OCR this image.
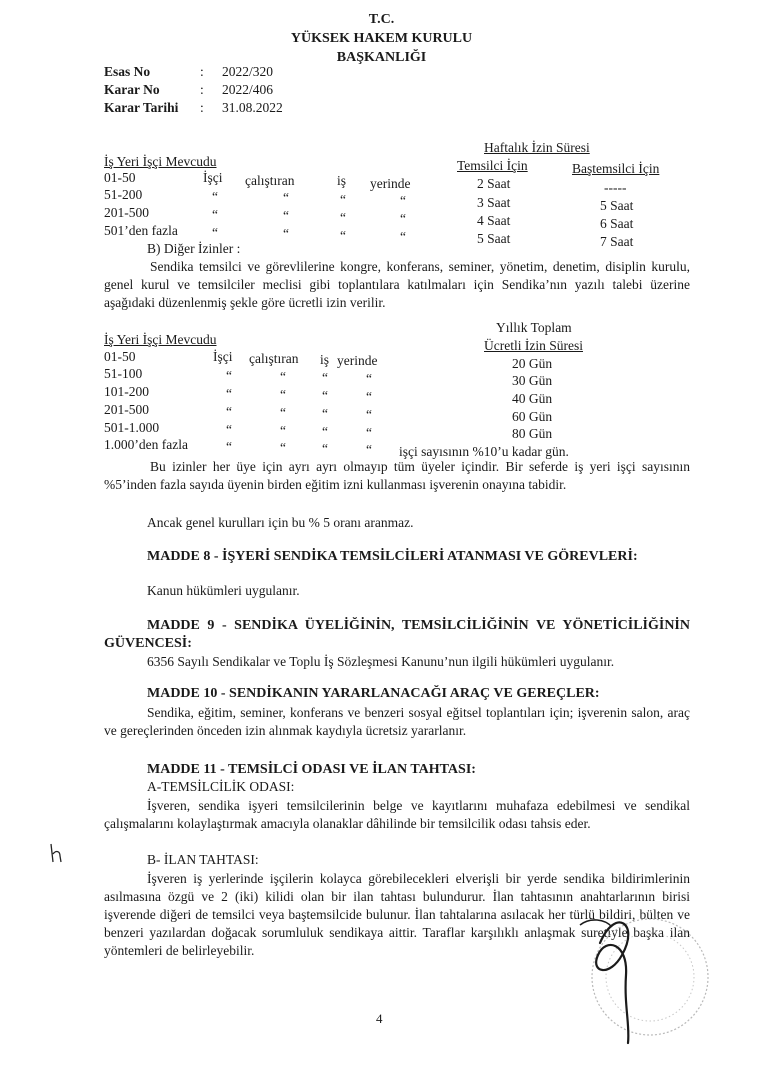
T.C.
YÜKSEK HAKEM KURULU
BAŞKANLIĞI
Esas No	: 2022/320
Karar No	: 2022/406
Karar Tarihi : 31.08.2022
İş Yeri İşçi Mevcudu
Haftalık İzin Süresi
Temsilci İçin	Baştemsilci İçin
01-50	İşçi çalıştıran	iş yerinde	2 Saat	-----
51-200	“	“	“	“	3 Saat	5 Saat
201-500	“	“	“	“	4 Saat	6 Saat
501’den fazla	“	“	“	“	5 Saat	7 Saat
B) Diğer İzinler :
Sendika temsilci ve görevlilerine kongre, konferans, seminer, yönetim, denetim, disiplin kurulu, genel kurul ve temsilciler meclisi gibi toplantılara katılmaları için Sendika’nın yazılı talebi üzerine aşağıdaki düzenlenmiş şekle göre ücretli izin verilir.
İş Yeri İşçi Mevcudu
Yıllık Toplam
Ücretli İzin Süresi
01-50	İşçi çalıştıran iş yerinde	20 Gün
51-100	“	“	“	“	30 Gün
101-200	“	“	“	“	40 Gün
201-500	“	“	“	“	60 Gün
501-1.000	“	“	“	“	80 Gün
1.000’den fazla	“	“	“	“ işçi sayısının %10’u kadar gün.
Bu izinler her üye için ayrı ayrı olmayıp tüm üyeler içindir. Bir seferde iş yeri işçi sayısının %5’inden fazla sayıda üyenin birden eğitim izni kullanması işverenin onayına tabidir.
Ancak genel kurulları için bu % 5 oranı aranmaz.
MADDE 8 - İŞYERİ SENDİKA TEMSİLCİLERİ ATANMASI VE GÖREVLERİ:
Kanun hükümleri uygulanır.
MADDE 9 - SENDİKA ÜYELİĞİNİN, TEMSİLCİLİĞİNİN VE YÖNETİCİLİĞİNİN GÜVENCESİ:
6356 Sayılı Sendikalar ve Toplu İş Sözleşmesi Kanunu’nun ilgili hükümleri uygulanır.
MADDE 10 - SENDİKANIN YARARLANACAĞI ARAÇ VE GEREÇLER:
Sendika, eğitim, seminer, konferans ve benzeri sosyal eğitsel toplantıları için; işverenin salon, araç ve gereçlerinden önceden izin alınmak kaydıyla ücretsiz yararlanır.
MADDE 11 - TEMSİLCİ ODASI VE İLAN TAHTASI:
A-TEMSİLCİLİK ODASI:
İşveren, sendika işyeri temsilcilerinin belge ve kayıtlarını muhafaza edebilmesi ve sendikal çalışmalarını kolaylaştırmak amacıyla olanaklar dâhilinde bir temsilcilik odası tahsis eder.
B- İLAN TAHTASI:
İşveren iş yerlerinde işçilerin kolayca görebilecekleri elverişli bir yerde sendika bildirimlerinin asılmasına özgü ve 2 (iki) kilidi olan bir ilan tahtası bulundurur. İlan tahtasının anahtarlarının birisi işverende diğeri de temsilci veya baştemsilcide bulunur. İlan tahtalarına asılacak her türlü bildiri, bülten ve benzeri yazılardan doğacak sorumluluk sendikaya aittir. Taraflar karşılıklı anlaşmak suretiyle başka ilan yöntemleri de belirleyebilir.
4
